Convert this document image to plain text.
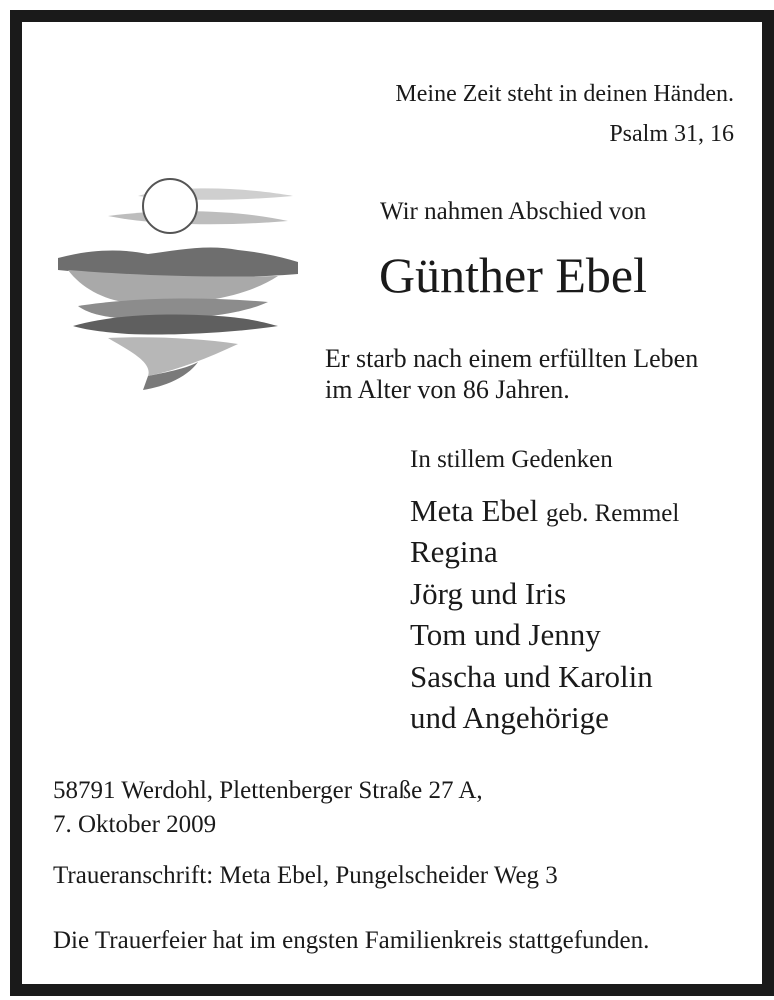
Meine Zeit steht in deinen Händen.
Psalm 31, 16
Wir nahmen Abschied von
Günther Ebel
Er starb nach einem erfüllten Leben
im Alter von 86 Jahren.
In stillem Gedenken
Meta Ebel geb. Remmel
Regina
Jörg und Iris
Tom und Jenny
Sascha und Karolin
und Angehörige
58791 Werdohl, Plettenberger Straße 27 A,
7. Oktober 2009
Traueranschrift: Meta Ebel, Pungelscheider Weg 3
Die Trauerfeier hat im engsten Familienkreis stattgefunden.
